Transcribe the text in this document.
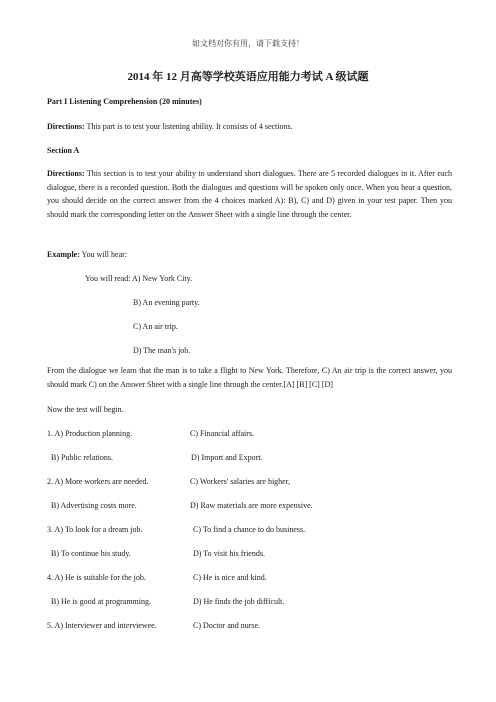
如文档对你有用，请下载支持！
2014 年 12 月高等学校英语应用能力考试 A 级试题
Part I Listening Comprehension (20 minutes)
Directions: This part is to test your listening ability. It consists of 4 sections.
Section A
Directions: This section is to test your ability to understand short dialogues. There are 5 recorded dialogues in it. After each dialogue, there is a recorded question. Both the dialogues and questions will be spoken only once. When you hear a question, you should decide on the correct answer from the 4 choices marked A): B), C) and D) given in your test paper. Then you should mark the corresponding letter on the Answer Sheet with a single line through the center.
Example: You will hear:
You will read: A) New York City.
B) An evening party.
C) An air trip.
D) The man's job.
From the dialogue we learn that the man is to take a flight to New York. Therefore, C) An air trip is the correct answer, you should mark C) on the Answer Sheet with a single line through the center.[A] [B] [C] [D]
Now the test will begin.
1. A) Production planning.	C) Financial affairs.
B) Public relations.	D) Import and Export.
2. A) More workers are needed.	C) Workers' salaries are higher,
B) Advertising costs more.	D) Raw materials are more expensive.
3. A) To look for a dream job.	C) To find a chance to do business.
B) To continue his study.	D) To visit his friends.
4. A) He is suitable for the job.	C) He is nice and kind.
B) He is good at programming.	D) He finds the job difficult.
5. A) Interviewer and interviewee.	C) Doctor and nurse.
